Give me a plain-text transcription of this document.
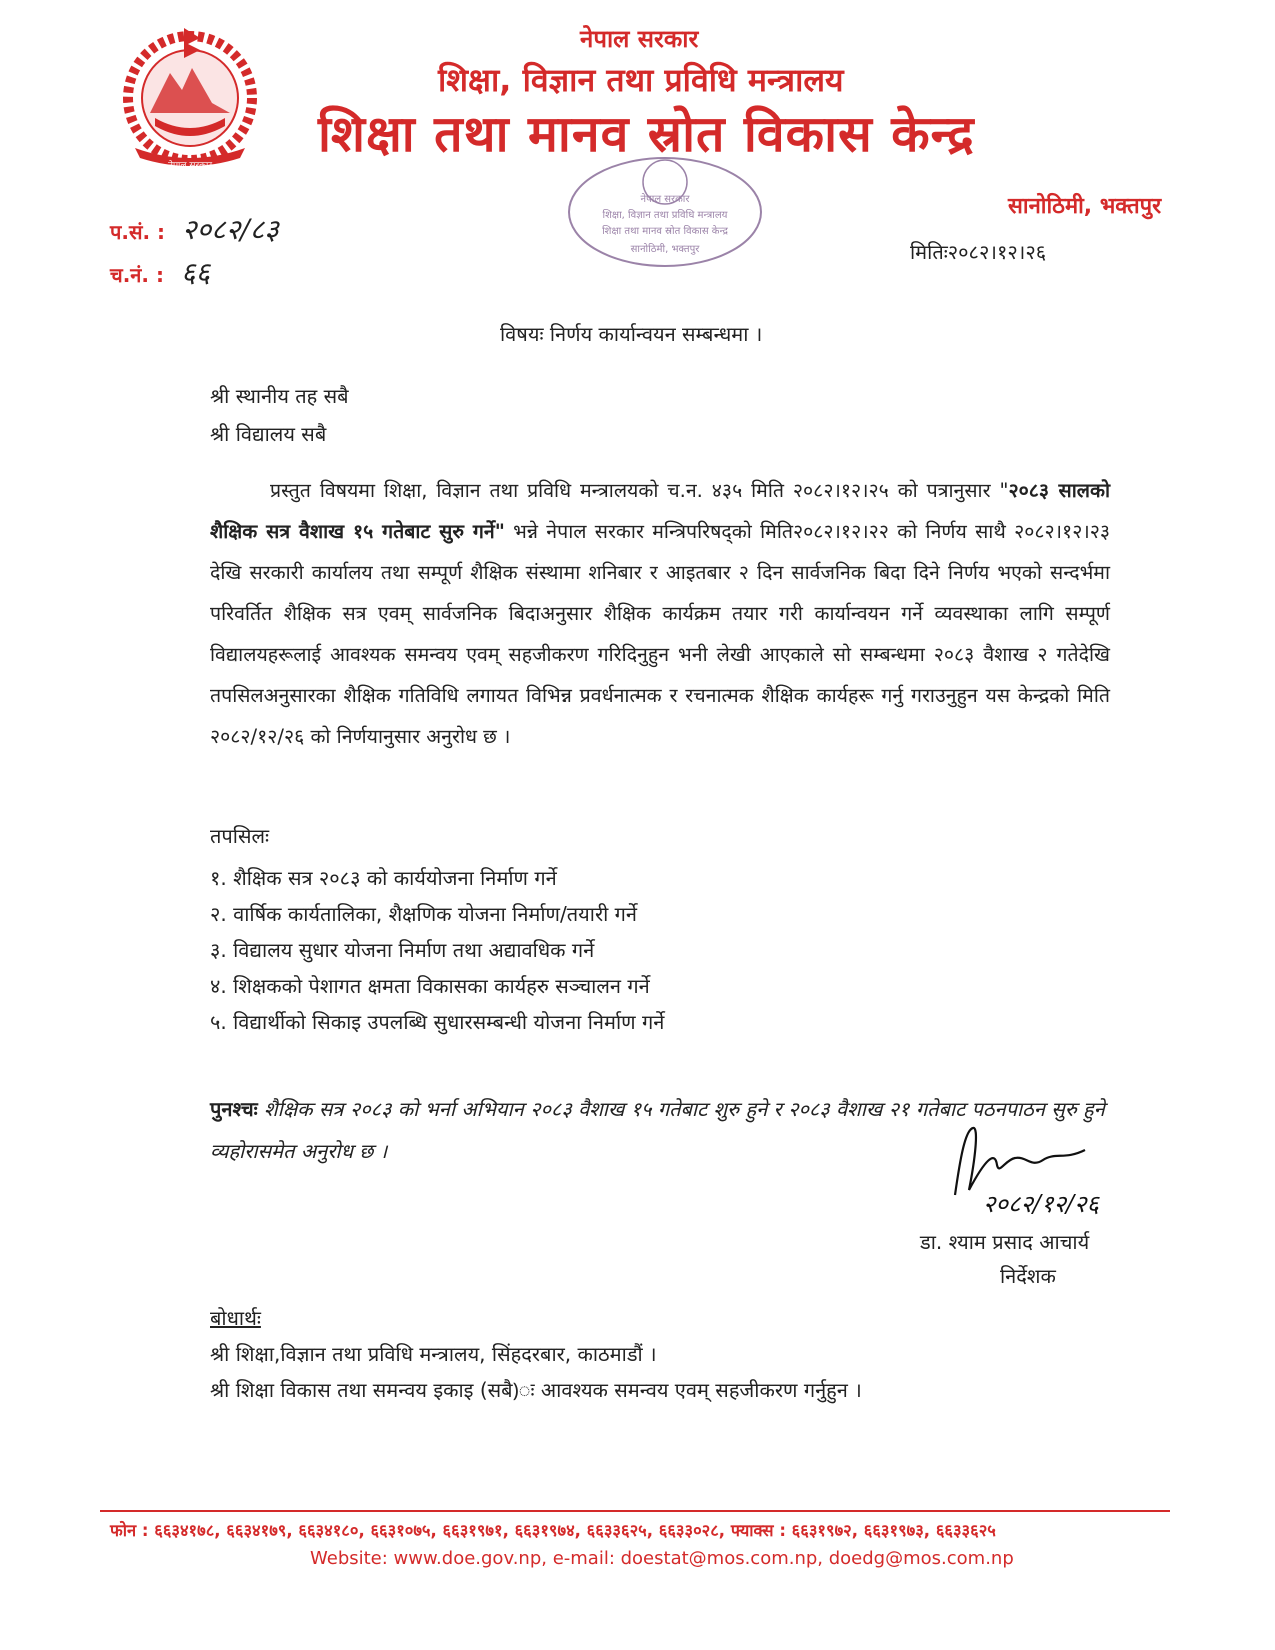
नेपाल सरकार
नेपाल सरकार
शिक्षा, विज्ञान तथा प्रविधि मन्त्रालय
शिक्षा तथा मानव स्रोत विकास केन्द्र
नेपाल सरकार
शिक्षा, विज्ञान तथा प्रविधि मन्त्रालय
शिक्षा तथा मानव स्रोत विकास केन्द्र
सानोठिमी, भक्तपुर
सानोठिमी, भक्तपुर
प.सं. : २०८२/८३
च.नं. : ६६
मितिः२०८२।१२।२६
विषयः निर्णय कार्यान्वयन सम्बन्धमा ।
श्री स्थानीय तह सबै
श्री विद्यालय सबै

प्रस्तुत विषयमा शिक्षा, विज्ञान तथा प्रविधि मन्त्रालयको च.न. ४३५ मिति २०८२।१२।२५ को पत्रानुसार "२०८३ सालको शैक्षिक सत्र वैशाख १५ गतेबाट सुरु गर्ने" भन्ने नेपाल सरकार मन्त्रिपरिषद्को मिति२०८२।१२।२२ को निर्णय साथै २०८२।१२।२३ देखि सरकारी कार्यालय तथा सम्पूर्ण शैक्षिक संस्थामा शनिबार र आइतबार २ दिन सार्वजनिक बिदा दिने निर्णय भएको सन्दर्भमा परिवर्तित शैक्षिक सत्र एवम् सार्वजनिक बिदाअनुसार शैक्षिक कार्यक्रम तयार गरी कार्यान्वयन गर्ने व्यवस्थाका लागि सम्पूर्ण विद्यालयहरूलाई आवश्यक समन्वय एवम् सहजीकरण गरिदिनुहुन भनी लेखी आएकाले सो सम्बन्धमा २०८३ वैशाख २ गतेदेखि तपसिलअनुसारका शैक्षिक गतिविधि लगायत विभिन्न प्रवर्धनात्मक र रचनात्मक शैक्षिक कार्यहरू गर्नु गराउनुहुन यस केन्द्रको मिति २०८२/१२/२६ को निर्णयानुसार अनुरोध छ ।

तपसिलः
१. शैक्षिक सत्र २०८३ को कार्ययोजना निर्माण गर्ने
२. वार्षिक कार्यतालिका, शैक्षणिक योजना निर्माण/तयारी गर्ने
३. विद्यालय सुधार योजना निर्माण तथा अद्यावधिक गर्ने
४. शिक्षकको पेशागत क्षमता विकासका कार्यहरु सञ्चालन गर्ने
५. विद्यार्थीको सिकाइ उपलब्धि सुधारसम्बन्धी योजना निर्माण गर्ने

पुनश्चः शैक्षिक सत्र २०८३ को भर्ना अभियान २०८३ वैशाख १५ गतेबाट शुरु हुने र २०८३ वैशाख २१ गतेबाट पठनपाठन सुरु हुने व्यहोरासमेत अनुरोध छ ।

२०८२/१२/२६
डा. श्याम प्रसाद आचार्य
निर्देशक
बोधार्थः
श्री शिक्षा,विज्ञान तथा प्रविधि मन्त्रालय, सिंहदरबार, काठमाडौं ।
श्री शिक्षा विकास तथा समन्वय इकाइ (सबै)ः आवश्यक समन्वय एवम् सहजीकरण गर्नुहुन ।
फोन : ६६३४१७८, ६६३४१७९, ६६३४१८०, ६६३१०७५, ६६३१९७१, ६६३१९७४, ६६३३६२५, ६६३३०२८, फ्याक्स : ६६३१९७२, ६६३१९७३, ६६३३६२५
Website: www.doe.gov.np, e-mail: doestat@mos.com.np, doedg@mos.com.np
